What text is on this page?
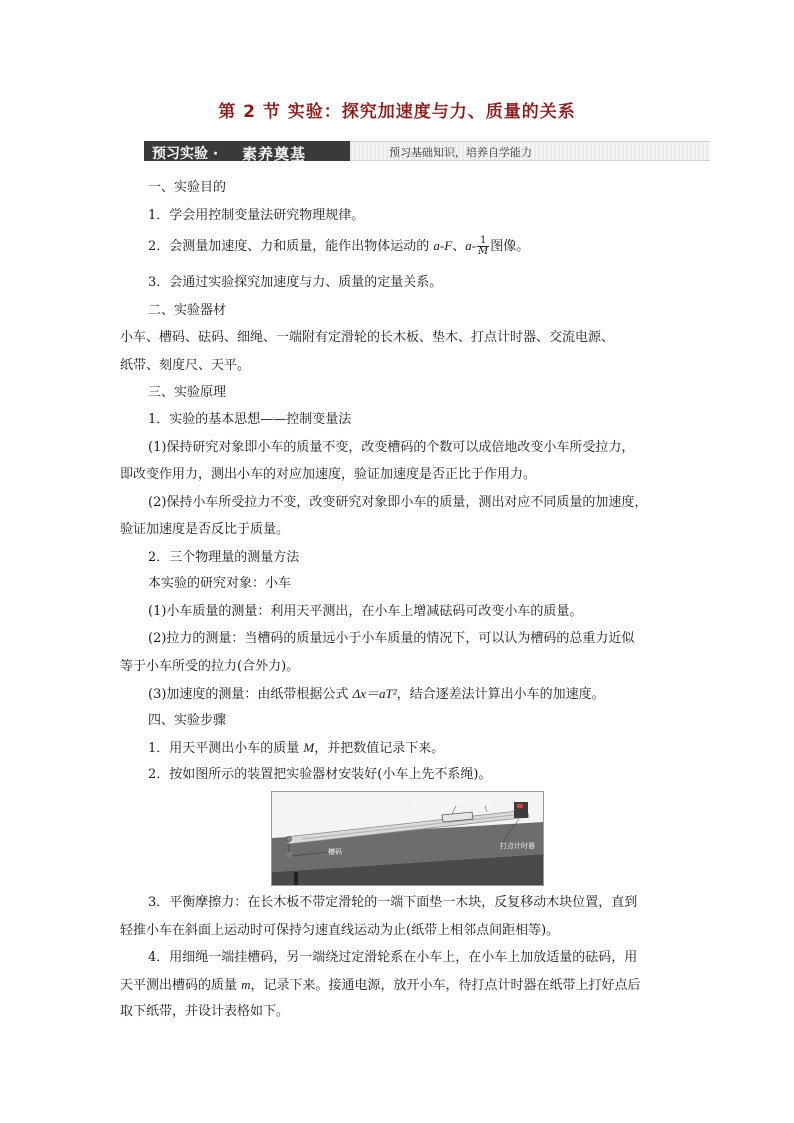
第 2 节 实验：探究加速度与力、质量的关系
预习实验 · 素养奠基	预习基础知识，培养自学能力
一、实验目的
1．学会用控制变量法研究物理规律。
2．会测量加速度、力和质量，能作出物体运动的 a-F、$a- \frac{1}{M}$ 图像。
3．会通过实验探究加速度与力、质量的定量关系。
二、实验器材
小车、槽码、砝码、细绳、一端附有定滑轮的长木板、垫木、打点计时器、交流电源、
纸带、刻度尺、天平。
三、实验原理
1．实验的基本思想——控制变量法
(1)保持研究对象即小车的质量不变，改变槽码的个数可以成倍地改变小车所受拉力，
即改变作用力，测出小车的对应加速度，验证加速度是否正比于作用力。
(2)保持小车所受拉力不变，改变研究对象即小车的质量，测出对应不同质量的加速度，
验证加速度是否反比于质量。
2．三个物理量的测量方法
本实验的研究对象：小车
(1)小车质量的测量：利用天平测出，在小车上增减砝码可改变小车的质量。
(2)拉力的测量：当槽码的质量远小于小车质量的情况下，可以认为槽码的总重力近似
等于小车所受的拉力(合外力)。
(3)加速度的测量：由纸带根据公式 Δx＝aT²，结合逐差法计算出小车的加速度。
四、实验步骤
1．用天平测出小车的质量 M，并把数值记录下来。
2．按如图所示的装置把实验器材安装好(小车上先不系绳)。
F	小车 纸带
槽码
打点计时器
3．平衡摩擦力：在长木板不带定滑轮的一端下面垫一木块，反复移动木块位置，直到
轻推小车在斜面上运动时可保持匀速直线运动为止(纸带上相邻点间距相等)。
4．用细绳一端挂槽码，另一端绕过定滑轮系在小车上，在小车上加放适量的砝码，用
天平测出槽码的质量 m，记录下来。接通电源，放开小车，待打点计时器在纸带上打好点后
取下纸带，并设计表格如下。
